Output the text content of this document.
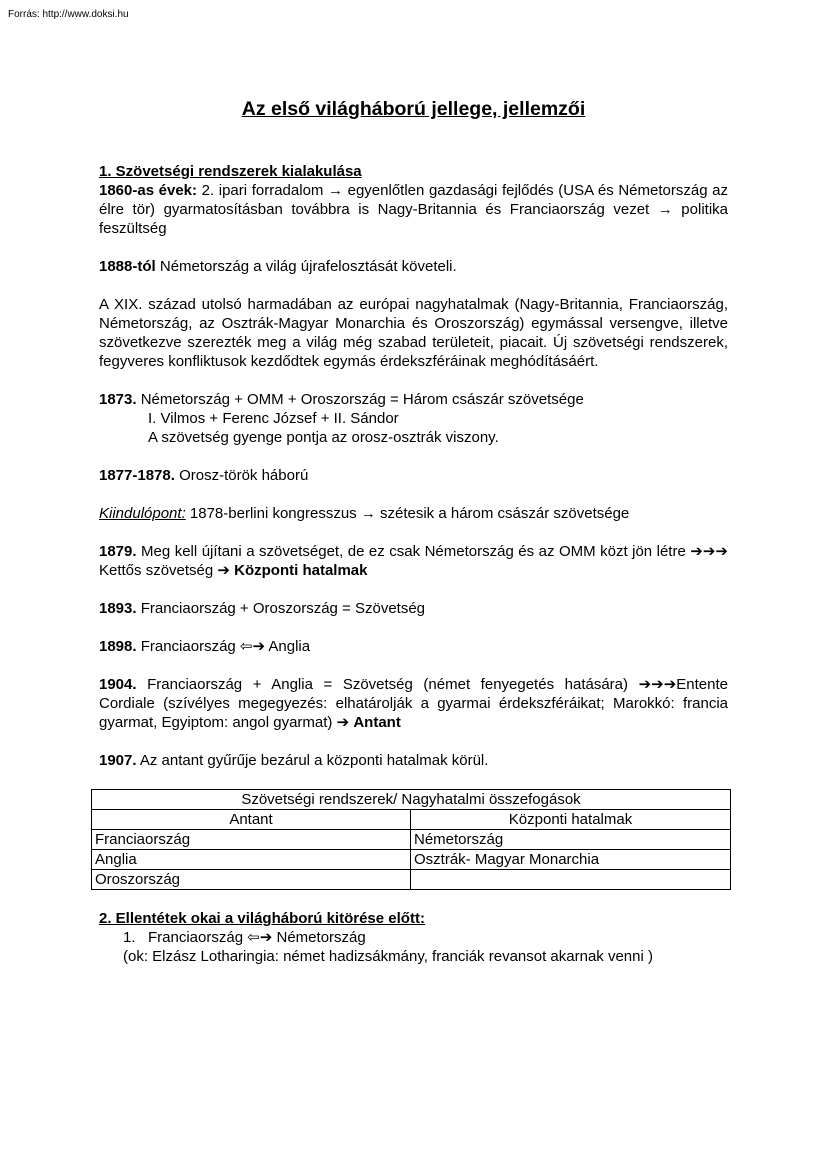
Forrás: http://www.doksi.hu
Az első világháború jellege, jellemzői
1. Szövetségi rendszerek kialakulása
1860-as évek: 2. ipari forradalom → egyenlőtlen gazdasági fejlődés (USA és Németország az élre tör) gyarmatosításban továbbra is Nagy-Britannia és Franciaország vezet → politika feszültség
1888-tól Németország a világ újrafelosztását követeli.
A XIX. század utolsó harmadában az európai nagyhatalmak (Nagy-Britannia, Franciaország, Németország, az Osztrák-Magyar Monarchia és Oroszország) egymással versengve, illetve szövetkezve szerezték meg a világ még szabad területeit, piacait. Új szövetségi rendszerek, fegyveres konfliktusok kezdődtek egymás érdekszféráinak meghódításáért.
1873. Németország + OMM + Oroszország = Három császár szövetsége
I. Vilmos + Ferenc József + II. Sándor
A szövetség gyenge pontja az orosz-osztrák viszony.
1877-1878. Orosz-török háború
Kiindulópont: 1878-berlini kongresszus → szétesik a három császár szövetsége
1879. Meg kell újítani a szövetséget, de ez csak Németország és az OMM közt jön létre ➔➔➔ Kettős szövetség ➔ Központi hatalmak
1893. Franciaország + Oroszország = Szövetség
1898. Franciaország ⇦➔ Anglia
1904. Franciaország + Anglia = Szövetség (német fenyegetés hatására) ➔➔➔Entente Cordiale (szívélyes megegyezés: elhatárolják a gyarmai érdekszféráikat; Marokkó: francia gyarmat, Egyiptom: angol gyarmat) ➔ Antant
1907. Az antant gyűrűje bezárul a központi hatalmak körül.
Szövetségi rendszerek/ Nagyhatalmi összefogások	
Antant	Központi hatalmak
Franciaország	Németország
Anglia	Osztrák- Magyar Monarchia
Oroszország	
2. Ellentétek okai a világháború kitörése előtt:
1. Franciaország ⇦➔ Németország
(ok: Elzász Lotharingia: német hadizsákmány, franciák revansot akarnak venni )
